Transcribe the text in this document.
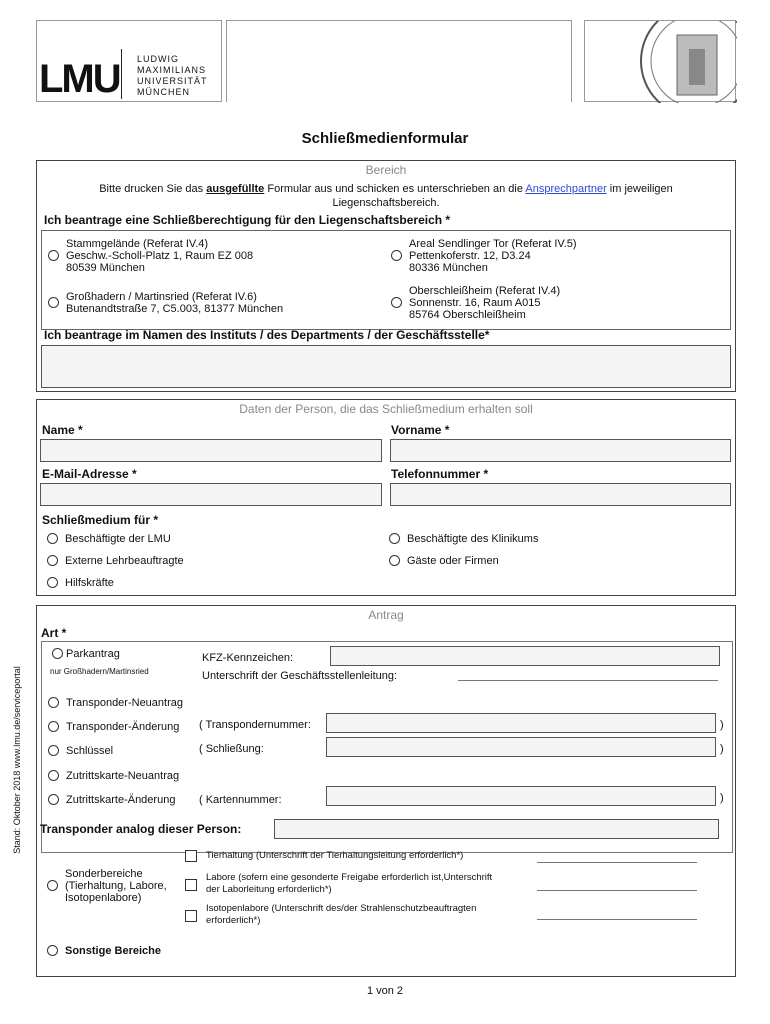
LMU LUDWIG
MAXIMILIANS
UNIVERSITÄT
MÜNCHEN
Schließmedienformular
Stand: Oktober 2018 www.lmu.de/serviceportal
Bereich
Bitte drucken Sie das ausgefüllte Formular aus und schicken es unterschrieben an die Ansprechpartner im jeweiligen
Liegenschaftsbereich.
Ich beantrage eine Schließberechtigung für den Liegenschaftsbereich *
Stammgelände (Referat IV.4)
Geschw.-Scholl-Platz 1, Raum EZ 008
80539 München
Areal Sendlinger Tor (Referat IV.5)
Pettenkoferstr. 12, D3.24
80336 München
Großhadern / Martinsried (Referat IV.6)
Butenandtstraße 7, C5.003, 81377 München
Oberschleißheim (Referat IV.4)
Sonnenstr. 16, Raum A015
85764 Oberschleißheim
Ich beantrage im Namen des Instituts / des Departments / der Geschäftsstelle*
Daten der Person, die das Schließmedium erhalten soll
Name *	Vorname *
E-Mail-Adresse *	Telefonnummer *
Schließmedium für *
Beschäftigte der LMU	Beschäftigte des Klinikums
Externe Lehrbeauftragte	Gäste oder Firmen
Hilfskräfte
Antrag
Art *
Parkantrag
nur Großhadern/Martinsried
KFZ-Kennzeichen:
Unterschrift der Geschäftsstellenleitung:
Transponder-Neuantrag
Transponder-Änderung ( Transpondernummer:	)
Schlüssel	( Schließung:	)
Zutrittskarte-Neuantrag
Zutrittskarte-Änderung ( Kartennummer:	)
Transponder analog dieser Person:
Sonderbereiche
(Tierhaltung, Labore,
Isotopenlabore)
Tierhaltung (Unterschrift der Tierhaltungsleitung erforderlich*)
Labore (sofern eine gesonderte Freigabe erforderlich ist,Unterschrift
der Laborleitung erforderlich*)
Isotopenlabore (Unterschrift des/der Strahlenschutzbeauftragten
erforderlich*)
Sonstige Bereiche
1 von 2
